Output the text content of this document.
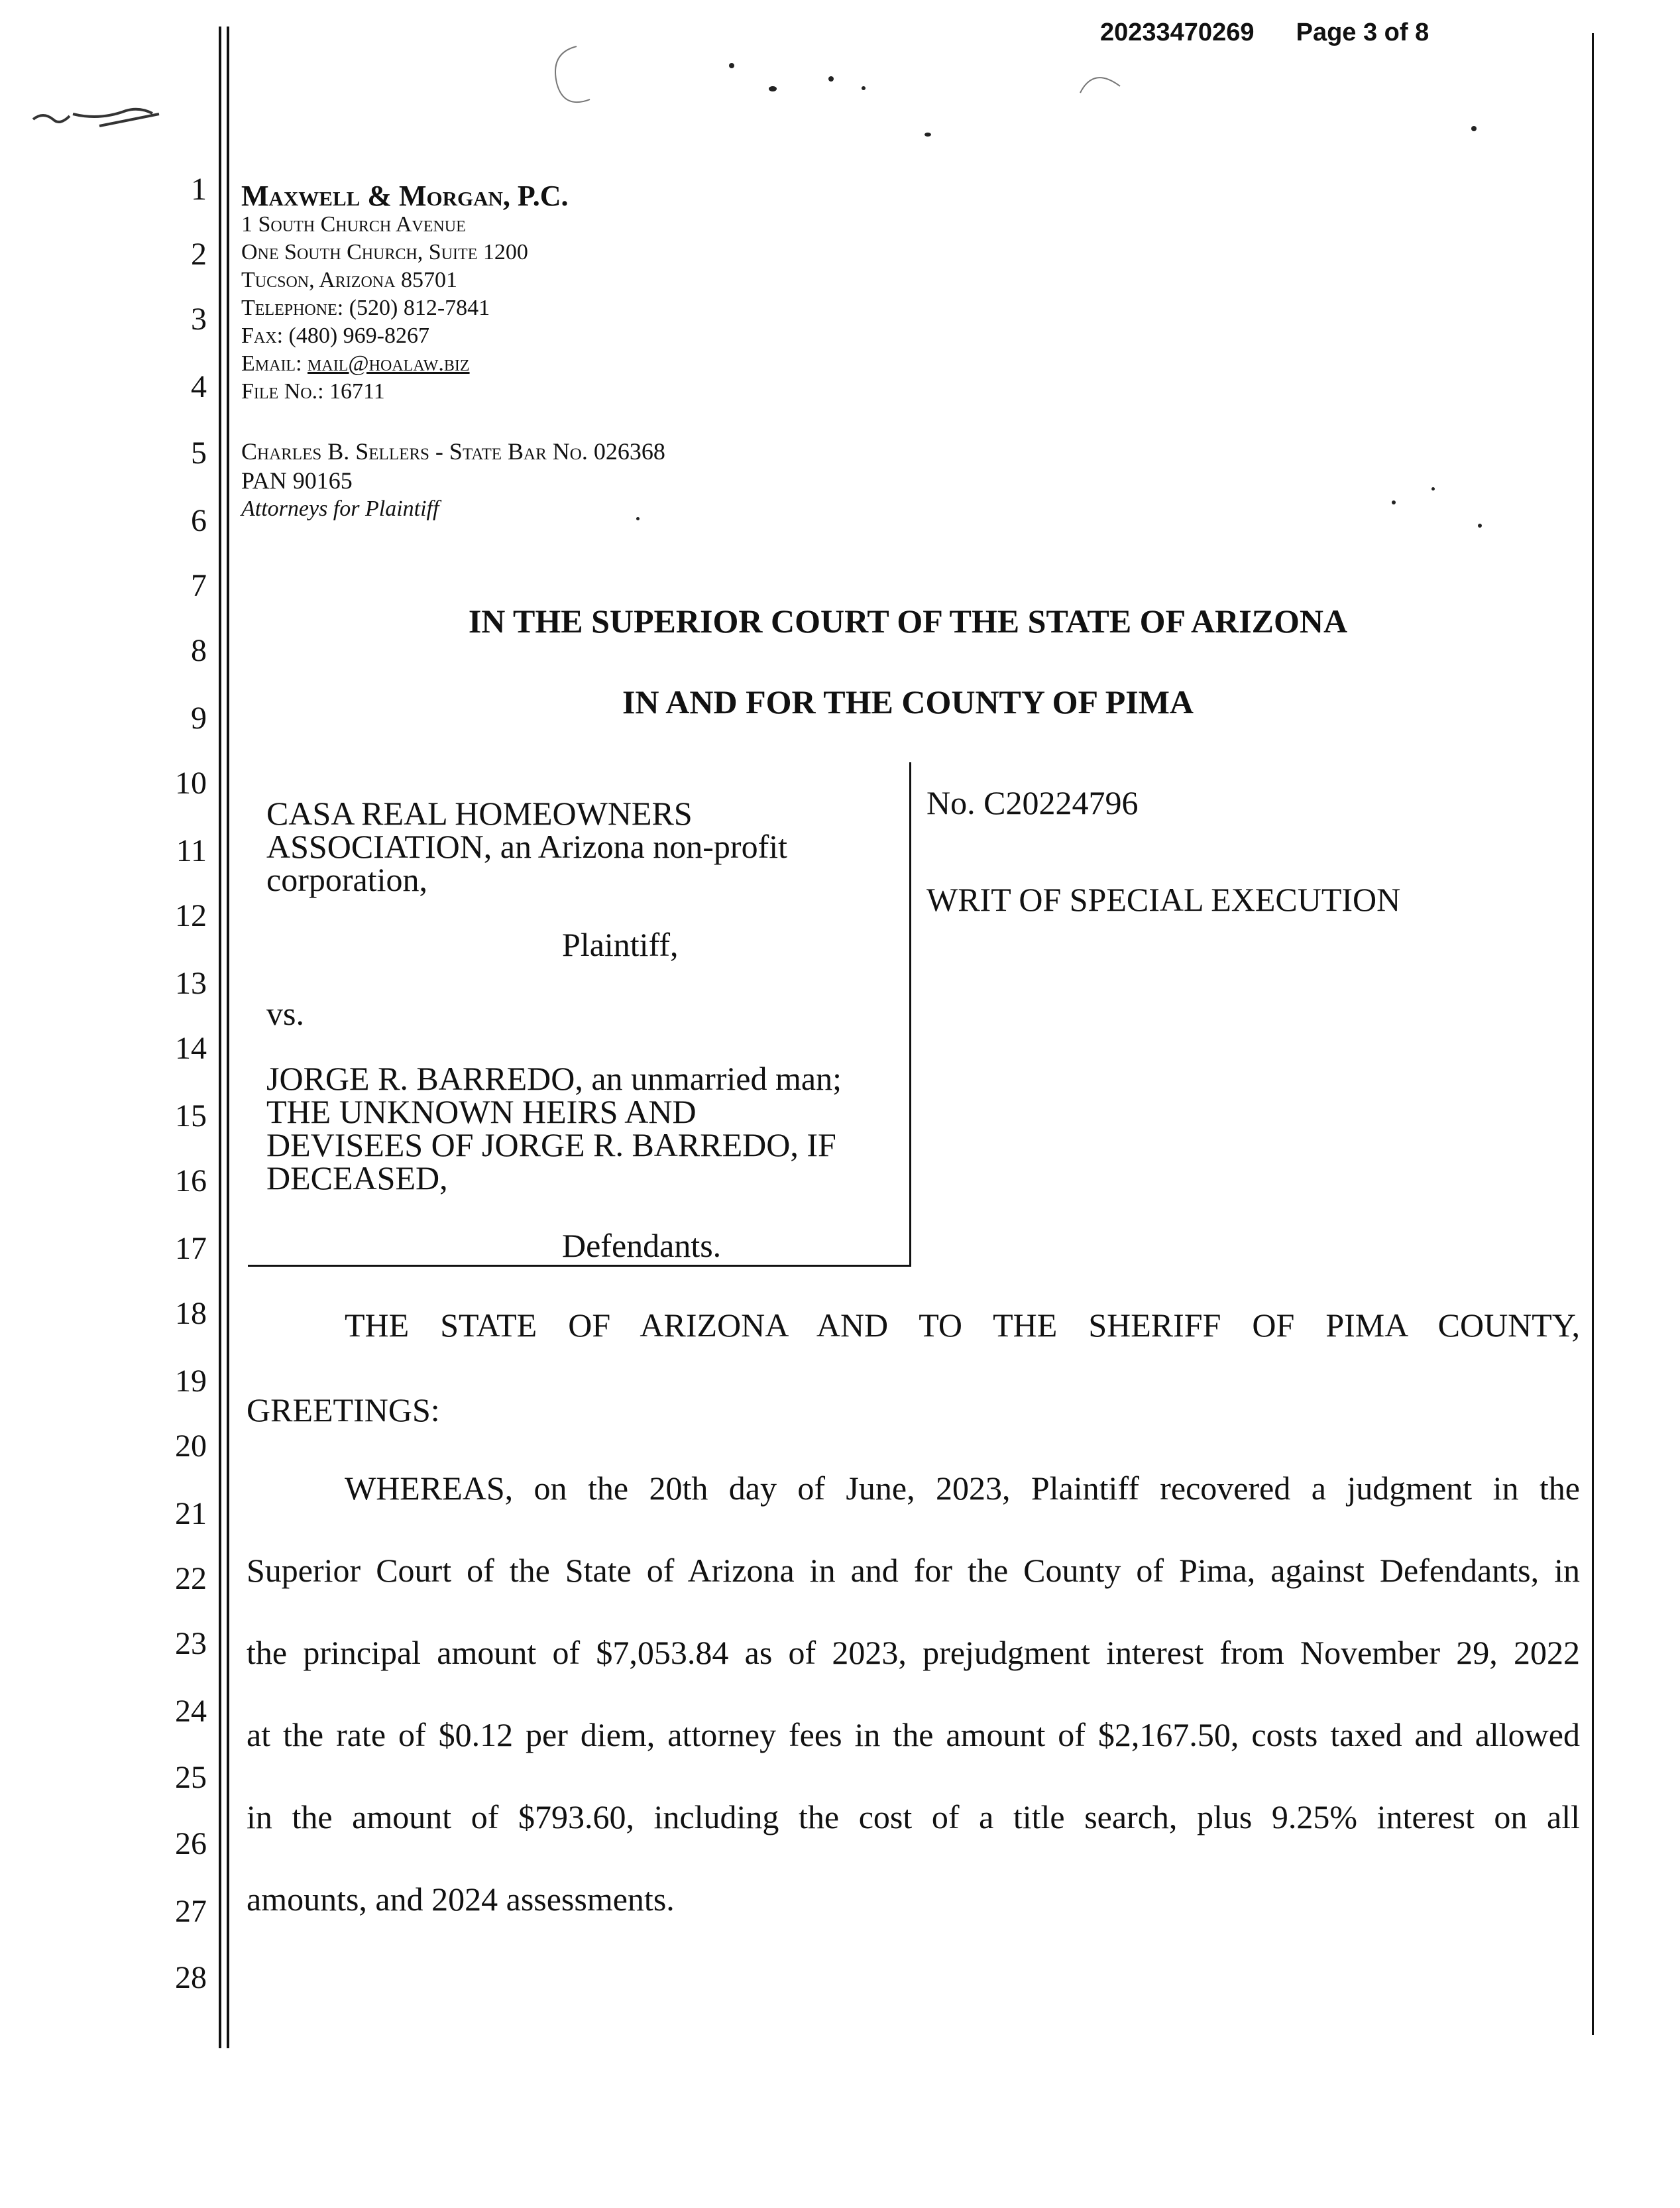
20233470269 Page 3 of 8
1
2
3
4
5
6
7
8
9
10
11
12
13
14
15
16
17
18
19
20
21
22
23
24
25
26
27
28
Maxwell & Morgan, P.C.
1 South Church Avenue
One South Church, Suite 1200
Tucson, Arizona 85701
Telephone: (520) 812-7841
Fax: (480) 969-8267
Email: mail@hoalaw.biz
File No.: 16711
Charles B. Sellers - State Bar No. 026368
PAN 90165
Attorneys for Plaintiff
IN THE SUPERIOR COURT OF THE STATE OF ARIZONA
IN AND FOR THE COUNTY OF PIMA
CASA REAL HOMEOWNERS
ASSOCIATION, an Arizona non-profit
corporation,
Plaintiff,
vs.
JORGE R. BARREDO, an unmarried man;
THE UNKNOWN HEIRS AND
DEVISEES OF JORGE R. BARREDO, IF
DECEASED,
Defendants.
No. C20224796
WRIT OF SPECIAL EXECUTION
THE STATE OF ARIZONA AND TO THE SHERIFF OF PIMA COUNTY,
GREETINGS:
WHEREAS, on the 20th day of June, 2023, Plaintiff recovered a judgment in the
Superior Court of the State of Arizona in and for the County of Pima, against Defendants, in
the principal amount of $7,053.84 as of 2023, prejudgment interest from November 29, 2022
at the rate of $0.12 per diem, attorney fees in the amount of $2,167.50, costs taxed and allowed
in the amount of $793.60, including the cost of a title search, plus 9.25% interest on all
amounts, and 2024 assessments.
